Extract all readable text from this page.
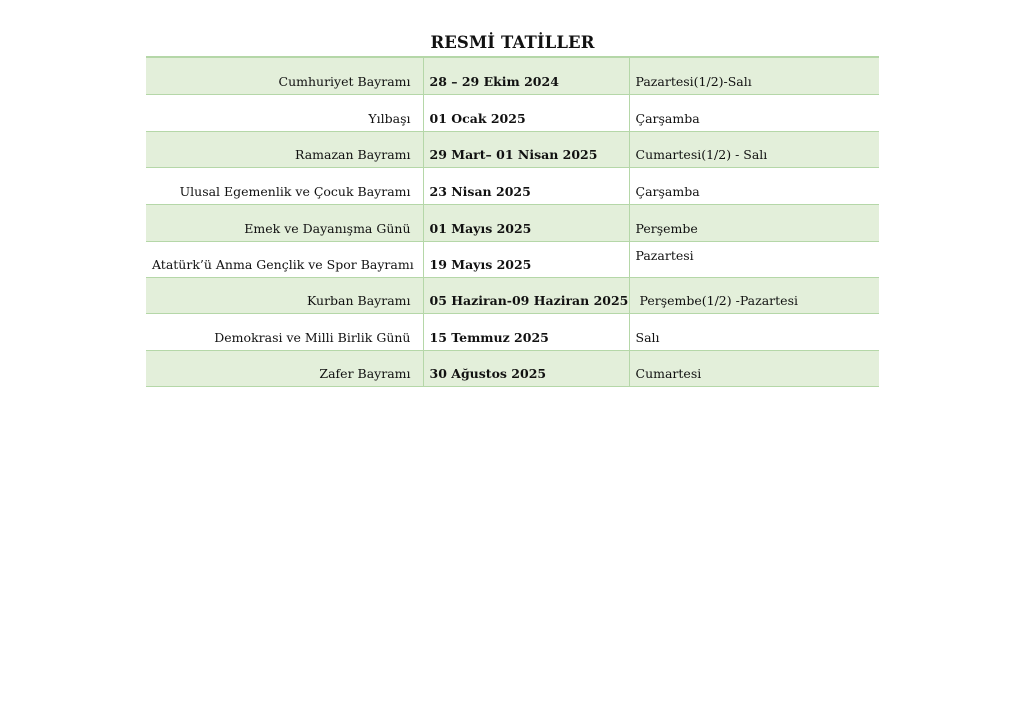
RESMİ TATİLLER
Cumhuriyet Bayramı	28 – 29 Ekim 2024	Pazartesi(1/2)-Salı
Yılbaşı	01 Ocak 2025	Çarşamba
Ramazan Bayramı	29 Mart– 01 Nisan 2025	Cumartesi(1/2) - Salı
Ulusal Egemenlik ve Çocuk Bayramı	23 Nisan 2025	Çarşamba
Emek ve Dayanışma Günü	01 Mayıs 2025	Perşembe
Atatürk’ü Anma Gençlik ve Spor Bayramı	19 Mayıs 2025	Pazartesi
Kurban Bayramı	05 Haziran-09 Haziran 2025	Perşembe(1/2) -Pazartesi
Demokrasi ve Milli Birlik Günü	15 Temmuz 2025	Salı
Zafer Bayramı	30 Ağustos 2025	Cumartesi
